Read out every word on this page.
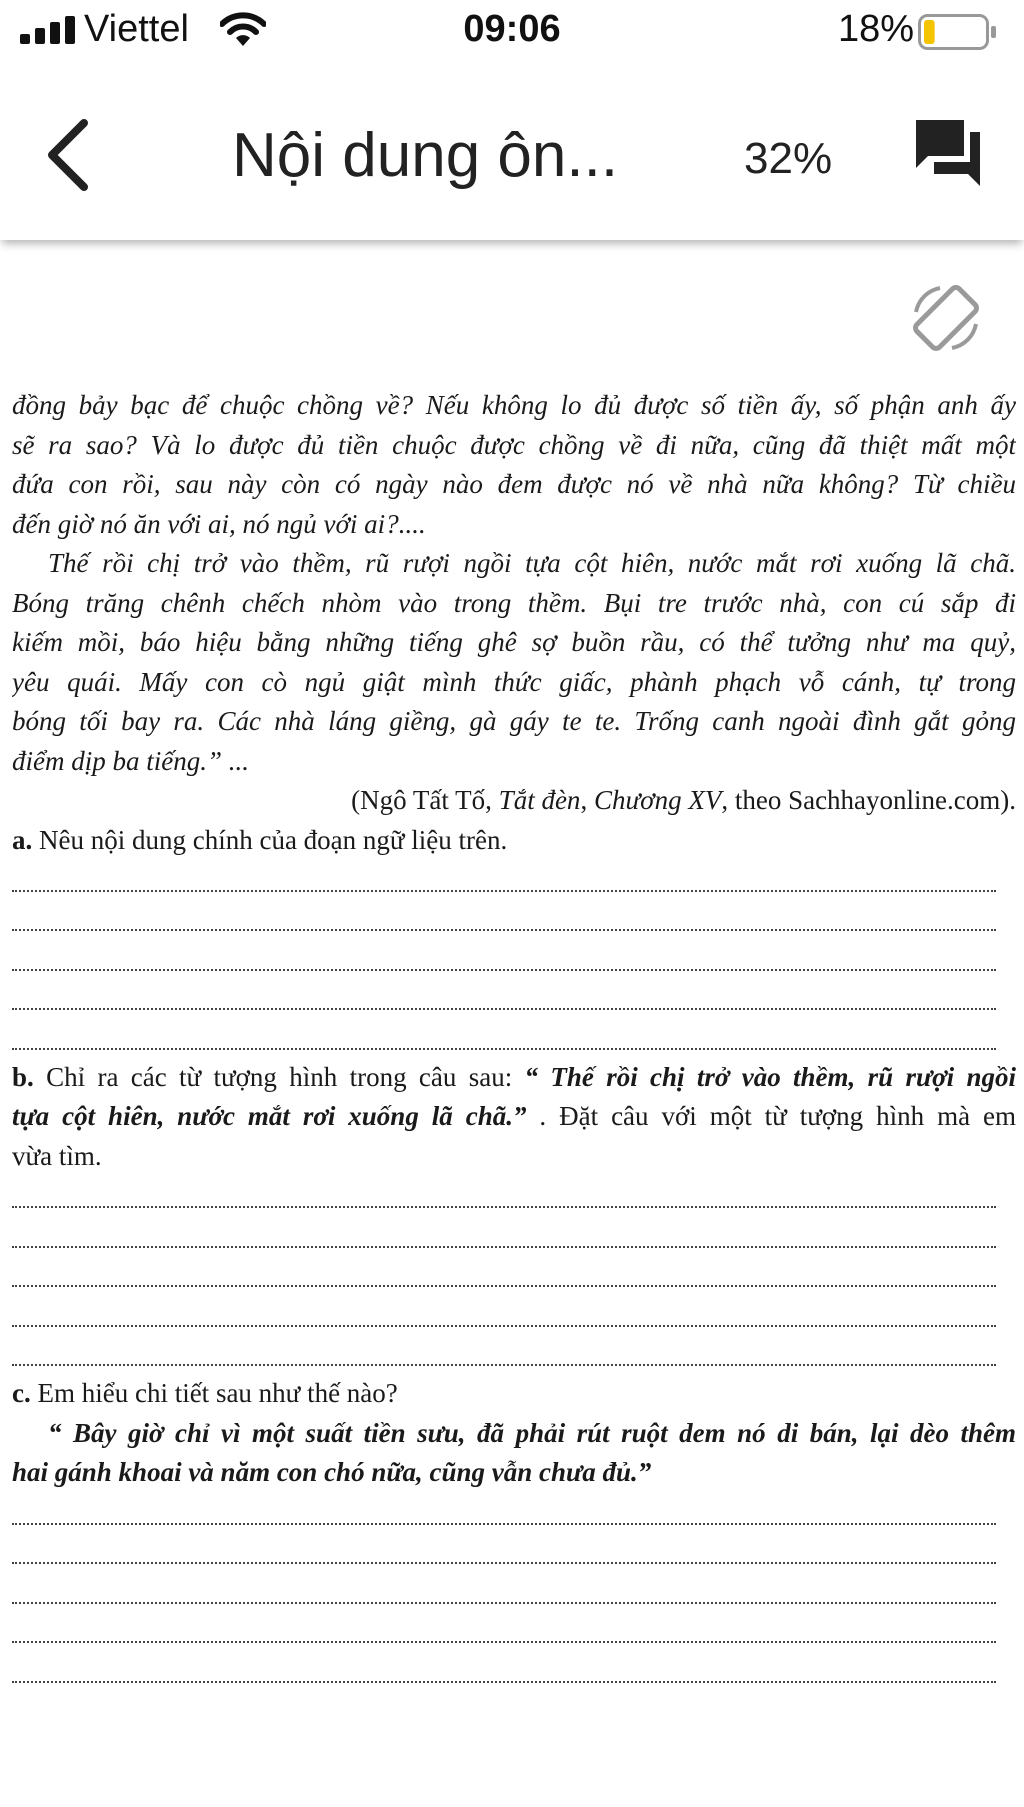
Viettel	09:06	18%
Nội dung ôn...	32%
đồng bảy bạc để chuộc chồng về? Nếu không lo đủ được số tiền ấy, số phận anh ấy
sẽ ra sao? Và lo được đủ tiền chuộc được chồng về đi nữa, cũng đã thiệt mất một
đứa con rồi, sau này còn có ngày nào đem được nó về nhà nữa không? Từ chiều
đến giờ nó ăn với ai, nó ngủ với ai?....
Thế rồi chị trở vào thềm, rũ rượi ngồi tựa cột hiên, nước mắt rơi xuống lã chã.
Bóng trăng chênh chếch nhòm vào trong thềm. Bụi tre trước nhà, con cú sắp đi
kiếm mồi, báo hiệu bằng những tiếng ghê sợ buồn rầu, có thể tưởng như ma quỷ,
yêu quái. Mấy con cò ngủ giật mình thức giấc, phành phạch vỗ cánh, tự trong
bóng tối bay ra. Các nhà láng giềng, gà gáy te te. Trống canh ngoài đình gắt gỏng
điểm dịp ba tiếng.” ...
(Ngô Tất Tố, Tắt đèn, Chương XV, theo Sachhayonline.com).
a. Nêu nội dung chính của đoạn ngữ liệu trên.
b. Chỉ ra các từ tượng hình trong câu sau: “ Thế rồi chị trở vào thềm, rũ rượi ngồi
tựa cột hiên, nước mắt rơi xuống lã chã.” . Đặt câu với một từ tượng hình mà em
vừa tìm.
c. Em hiểu chi tiết sau như thế nào?
“ Bây giờ chỉ vì một suất tiền sưu, đã phải rút ruột dem nó di bán, lại dèo thêm
hai gánh khoai và năm con chó nữa, cũng vẫn chưa đủ.”
